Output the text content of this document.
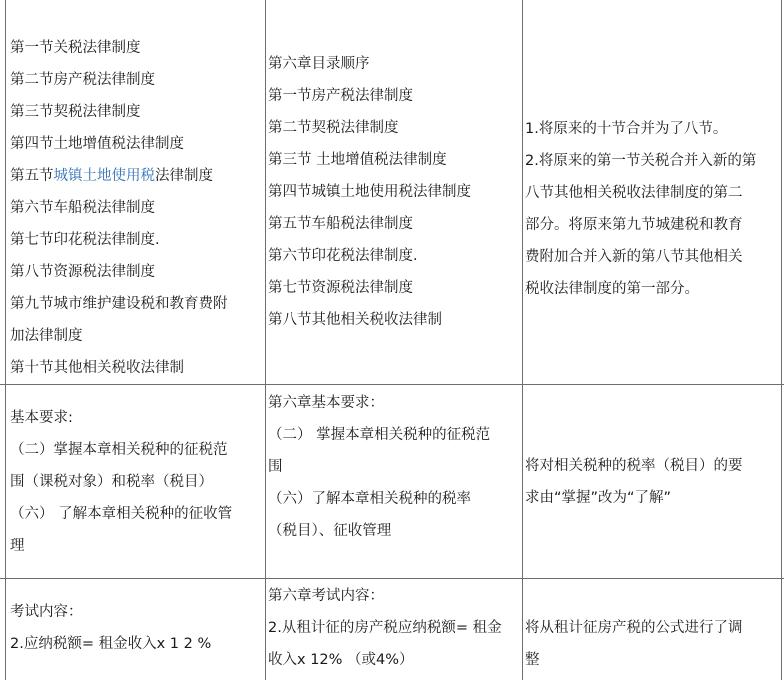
第一节关税法律制度

第二节房产税法律制度

第三节契税法律制度

第四节土地增值税法律制度

第五节城镇土地使用税法律制度

第六节车船税法律制度

第七节印花税法律制度.

第八节资源税法律制度

第九节城市维护建设税和教育费附

加法律制度

第十节其他相关税收法律制

第六章目录顺序

第一节房产税法律制度

第二节契税法律制度

第三节 土地增值税法律制度

第四节城镇土地使用税法律制度

第五节车船税法律制度

第六节印花税法律制度.

第七节资源税法律制度

第八节其他相关税收法律制

1.将原来的十节合并为了八节。

2.将原来的第一节关税合并入新的第

八节其他相关税收法律制度的第二

部分。将原来第九节城建税和教育

费附加合并入新的第八节其他相关

税收法律制度的第一部分。

基本要求:

（二）掌握本章相关税种的征税范

围（课税对象）和税率（税目）

（六） 了解本章相关税种的征收管

理

第六章基本要求：

（二） 掌握本章相关税种的征税范

围

（六）了解本章相关税种的税率

（税目）、征收管理

将对相关税种的税率（税目）的要

求由“掌握”改为“了解”

考试内容：

2.应纳税额= 租金收入x 1 2 %

第六章考试内容：

2.从租计征的房产税应纳税额= 租金

收入x 12% （或4%）

将从租计征房产税的公式进行了调

整
